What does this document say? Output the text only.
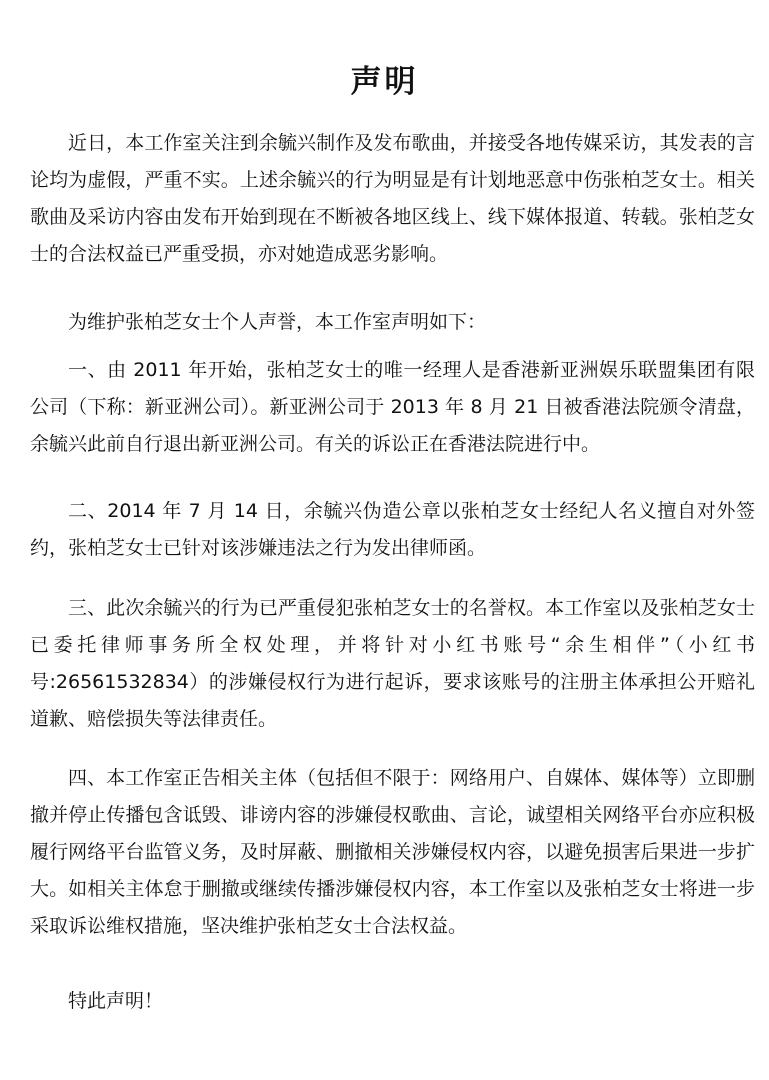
声明

近日，本工作室关注到余毓兴制作及发布歌曲，并接受各地传媒采访，其发表的言论均为虚假，严重不实。上述余毓兴的行为明显是有计划地恶意中伤张柏芝女士。相关歌曲及采访内容由发布开始到现在不断被各地区线上、线下媒体报道、转载。张柏芝女士的合法权益已严重受损，亦对她造成恶劣影响。

为维护张柏芝女士个人声誉，本工作室声明如下：

一、由 2011 年开始，张柏芝女士的唯一经理人是香港新亚洲娱乐联盟集团有限公司（下称：新亚洲公司）。新亚洲公司于 2013 年 8 月 21 日被香港法院颁令清盘，余毓兴此前自行退出新亚洲公司。有关的诉讼正在香港法院进行中。

二、2014 年 7 月 14 日，余毓兴伪造公章以张柏芝女士经纪人名义擅自对外签约，张柏芝女士已针对该涉嫌违法之行为发出律师函。

三、此次余毓兴的行为已严重侵犯张柏芝女士的名誉权。本工作室以及张柏芝女士已委托律师事务所全权处理，并将针对小红书账号“余生相伴”（小红书号:26561532834）的涉嫌侵权行为进行起诉，要求该账号的注册主体承担公开赔礼道歉、赔偿损失等法律责任。

四、本工作室正告相关主体（包括但不限于：网络用户、自媒体、媒体等）立即删撤并停止传播包含诋毁、诽谤内容的涉嫌侵权歌曲、言论，诚望相关网络平台亦应积极履行网络平台监管义务，及时屏蔽、删撤相关涉嫌侵权内容，以避免损害后果进一步扩大。如相关主体怠于删撤或继续传播涉嫌侵权内容，本工作室以及张柏芝女士将进一步采取诉讼维权措施，坚决维护张柏芝女士合法权益。

特此声明！
